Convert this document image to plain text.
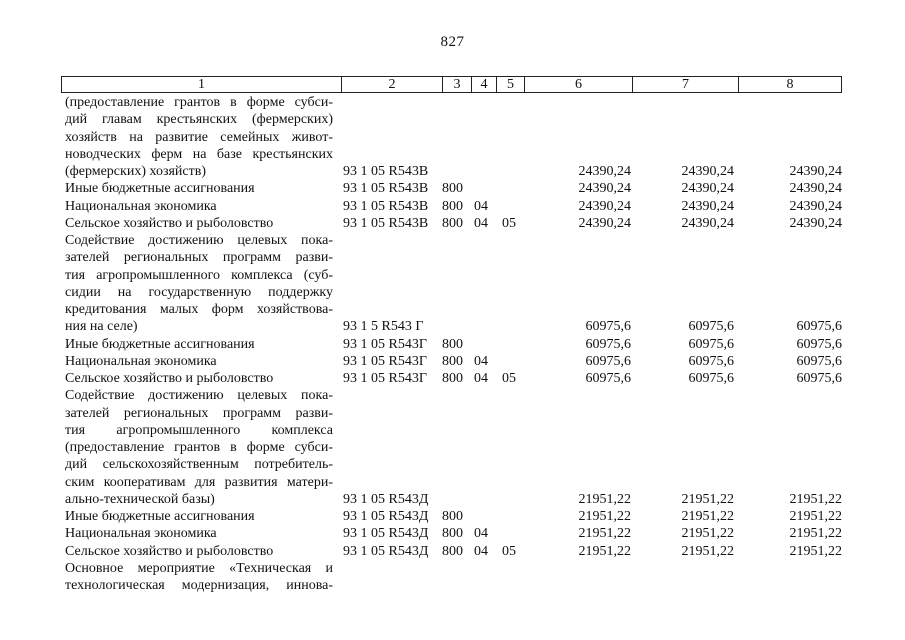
827
1	2	3	4	5	6	7	8
(предоставление грантов в форме субси-
дий главам крестьянских (фермерских)
хозяйств на развитие семейных живот-
новодческих ферм на базе крестьянских
(фермерских) хозяйств)	93 1 05 R543В	24390,24	24390,24	24390,24
Иные бюджетные ассигнования	93 1 05 R543В 800	24390,24	24390,24	24390,24
Национальная экономика	93 1 05 R543В 800 04	24390,24	24390,24	24390,24
Сельское хозяйство и рыболовство	93 1 05 R543В 800 04	05	24390,24	24390,24	24390,24
Содействие достижению целевых пока-
зателей региональных программ разви-
тия агропромышленного комплекса (суб-
сидии на государственную поддержку
кредитования малых форм хозяйствова-
ния на селе)	93 1 5 R543 Г	60975,6	60975,6	60975,6
Иные бюджетные ассигнования	93 1 05 R543Г	800	60975,6	60975,6	60975,6
Национальная экономика	93 1 05 R543Г	800 04	60975,6	60975,6	60975,6
Сельское хозяйство и рыболовство	93 1 05 R543Г	800 04	05	60975,6	60975,6	60975,6
Содействие достижению целевых пока-
зателей региональных программ разви-
тия агропромышленного комплекса
(предоставление грантов в форме субси-
дий сельскохозяйственным потребитель-
ским кооперативам для развития матери-
ально-технической базы)	93 1 05 R543Д	21951,22	21951,22	21951,22
Иные бюджетные ассигнования	93 1 05 R543Д 800	21951,22	21951,22	21951,22
Национальная экономика	93 1 05 R543Д 800 04	21951,22	21951,22	21951,22
Сельское хозяйство и рыболовство	93 1 05 R543Д 800 04	05	21951,22	21951,22	21951,22
Основное мероприятие «Техническая и
технологическая модернизация, иннова-
